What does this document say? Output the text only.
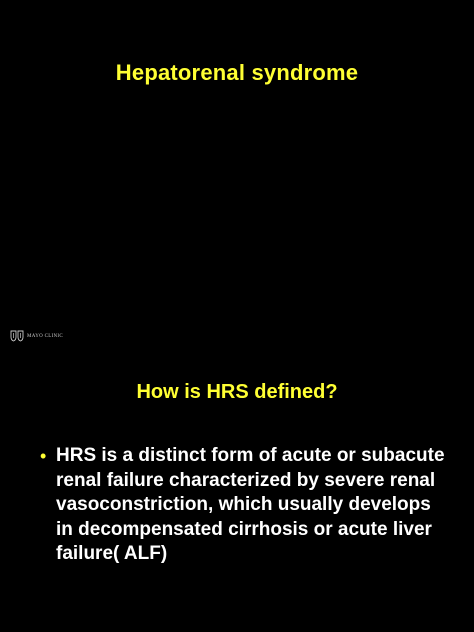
Hepatorenal syndrome
MAYO CLINIC
How is HRS defined?
• HRS is a distinct form of acute or subacute renal failure characterized by severe renal vasoconstriction, which usually develops in decompensated cirrhosis or acute liver failure( ALF)
